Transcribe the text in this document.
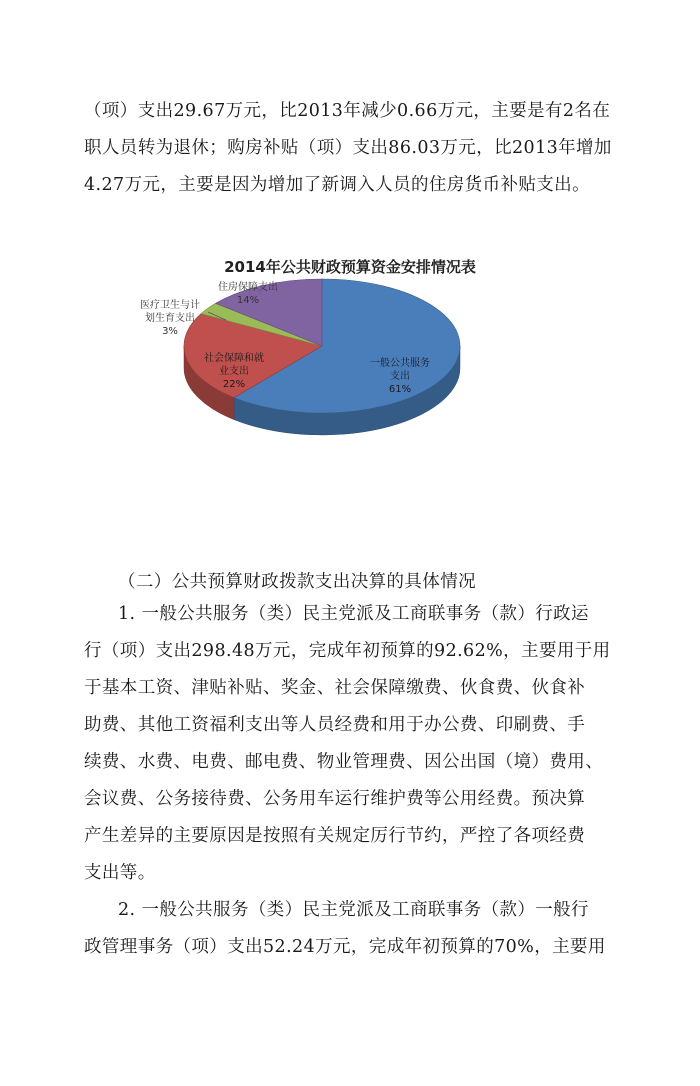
（项）支出29.67万元，比2013年减少0.66万元，主要是有2名在
职人员转为退休；购房补贴（项）支出86.03万元，比2013年增加
4.27万元，主要是因为增加了新调入人员的住房货币补贴支出。
2014年公共财政预算资金安排情况表
一般公共服务支出 61%
社会保障和就业支出 22%
医疗卫生与计划生育支出 3%
住房保障支出 14%
（二）公共预算财政拨款支出决算的具体情况
1. 一般公共服务（类）民主党派及工商联事务（款）行政运
行（项）支出298.48万元，完成年初预算的92.62%，主要用于用
于基本工资、津贴补贴、奖金、社会保障缴费、伙食费、伙食补
助费、其他工资福利支出等人员经费和用于办公费、印刷费、手
续费、水费、电费、邮电费、物业管理费、因公出国（境）费用、
会议费、公务接待费、公务用车运行维护费等公用经费。预决算
产生差异的主要原因是按照有关规定厉行节约，严控了各项经费
支出等。
2. 一般公共服务（类）民主党派及工商联事务（款）一般行
政管理事务（项）支出52.24万元，完成年初预算的70%，主要用
